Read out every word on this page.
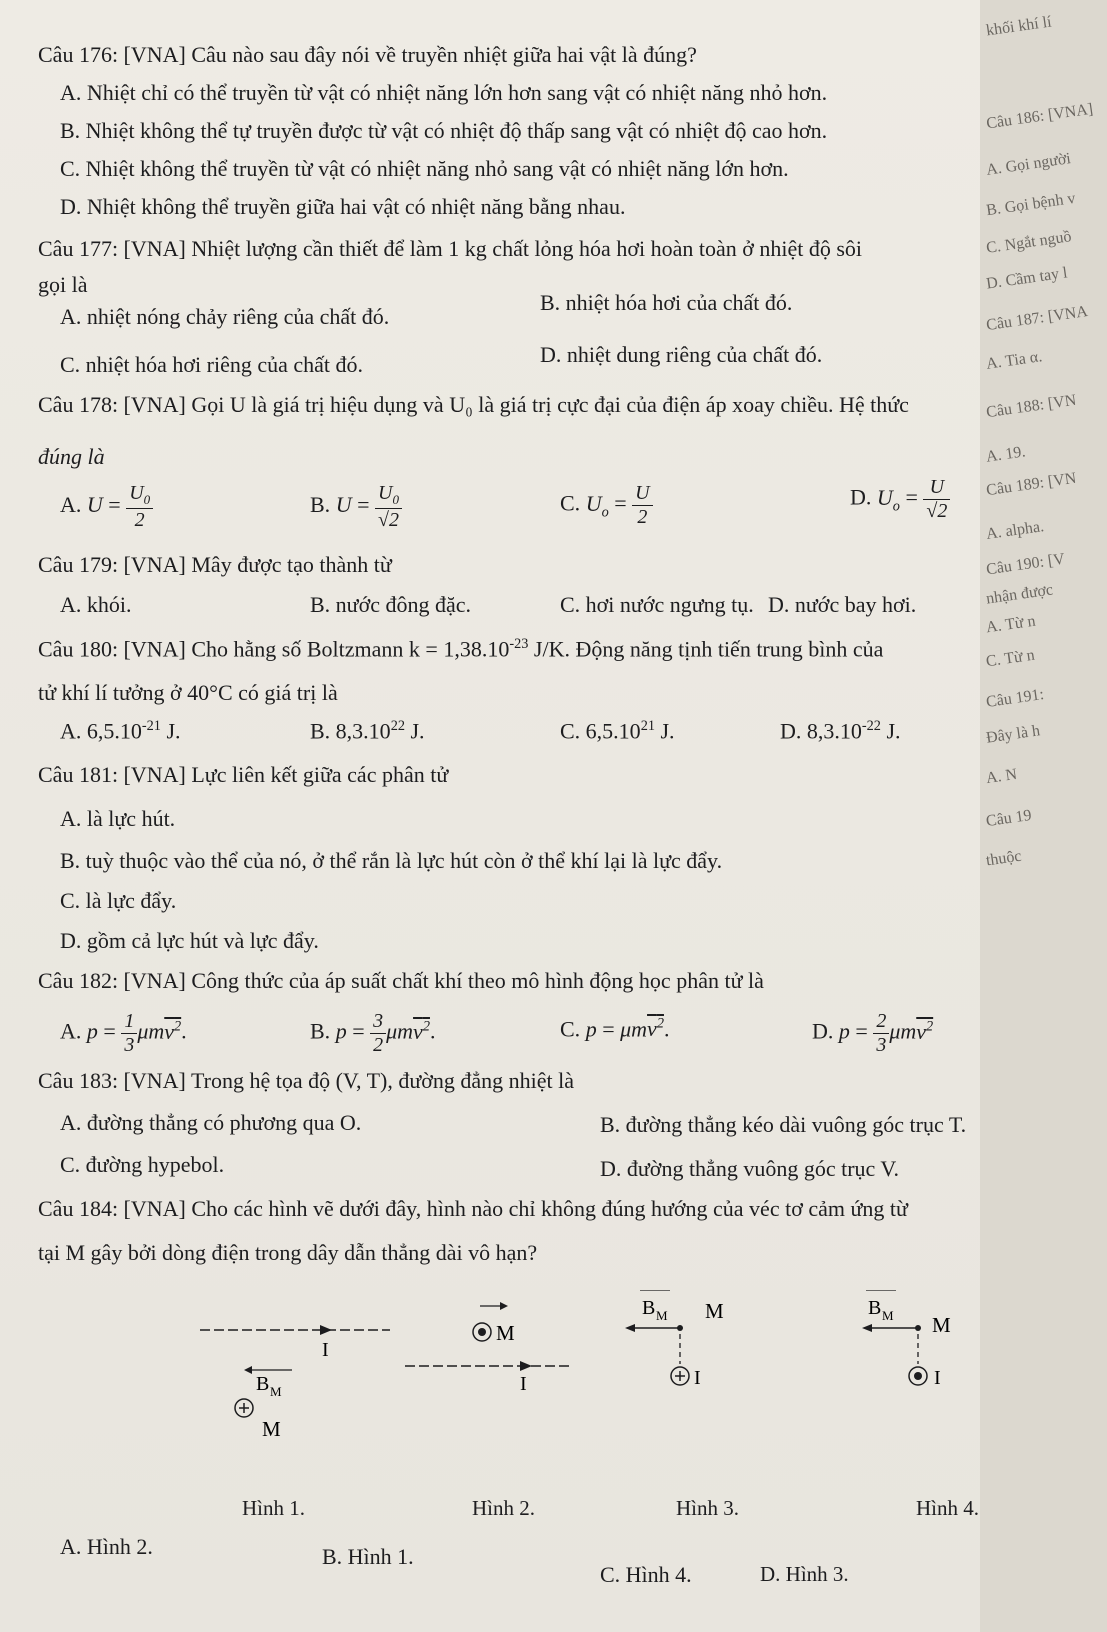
Câu 176: [VNA] Câu nào sau đây nói về truyền nhiệt giữa hai vật là đúng?
A. Nhiệt chỉ có thể truyền từ vật có nhiệt năng lớn hơn sang vật có nhiệt năng nhỏ hơn.
B. Nhiệt không thể tự truyền được từ vật có nhiệt độ thấp sang vật có nhiệt độ cao hơn.
C. Nhiệt không thể truyền từ vật có nhiệt năng nhỏ sang vật có nhiệt năng lớn hơn.
D. Nhiệt không thể truyền giữa hai vật có nhiệt năng bằng nhau.
Câu 177: [VNA] Nhiệt lượng cần thiết để làm 1 kg chất lỏng hóa hơi hoàn toàn ở nhiệt độ sôi
gọi là
A. nhiệt nóng chảy riêng của chất đó.
B. nhiệt hóa hơi của chất đó.
C. nhiệt hóa hơi riêng của chất đó.	D. nhiệt dung riêng của chất đó.
Câu 178: [VNA] Gọi U là giá trị hiệu dụng và U₀ là giá trị cực đại của điện áp xoay chiều. Hệ thức
đúng là
A. $U = \frac{U_0}{2}$	B. $U = \frac{U_0}{√2}$	C. $U_o = \frac{U}{2}$	D. $U_o = \frac{U}{√2}$
Câu 179: [VNA] Mây được tạo thành từ
A. khói.	B. nước đông đặc.	C. hơi nước ngưng tụ. D. nước bay hơi.
Câu 180: [VNA] Cho hằng số Boltzmann $k = 1,38.10^{-23}$ J/K. Động năng tịnh tiến trung bình của
tử khí lí tưởng ở 40°C có giá trị là
A. $6,5.10^{-21}$ J.	B. 8,3.10$^{22}$ J.	C. 6,5.10$^{21}$ J.	D. $8,3.10^{-22}$ J.
Câu 181: [VNA] Lực liên kết giữa các phân tử
A. là lực hút.
B. tuỳ thuộc vào thể của nó, ở thể rắn là lực hút còn ở thể khí lại là lực đẩy.
C. là lực đẩy.
D. gồm cả lực hút và lực đẩy.
Câu 182: [VNA] Công thức của áp suất chất khí theo mô hình động học phân tử là
A. $p = \frac{1}{3} \mu mv^2$.	B. $p = \frac{3}{2} \mu mv^2$.	C. p = μmv$^2$.	D. $p = \frac{2}{3} \mu mv^2$
Câu 183: [VNA] Trong hệ tọa độ (V, T), đường đẳng nhiệt là
A. đường thẳng có phương qua O.	B. đường thẳng kéo dài vuông góc trục T.
C. đường hypebol.	D. đường thẳng vuông góc trục V.
Câu 184: [VNA] Cho các hình vẽ dưới đây, hình nào chỉ không đúng hướng của véc tơ cảm ứng từ
tại M gây bởi dòng điện trong dây dẫn thẳng dài vô hạn?
I
B M
M
M
I
B M M
I
B M M
I
Hình 1.	Hình 2.	Hình 3.	Hình 4.
A. Hình 2.	B. Hình 1.
C. Hình 4.	D. Hình 3.
khối khí lí
Câu 186: [VNA]
A. Gọi người
B. Gọi bệnh v
C. Ngắt nguồ
D. Cầm tay l
Câu 187: [VNA
A. Tia α.
Câu 188: [VN
A. 19.
Câu 189: [VN
A. alpha.
Câu 190: [V
nhận được
A. Từ n
C. Từ n
Câu 191:
Đây là h
A. N
Câu 19
thuộc
